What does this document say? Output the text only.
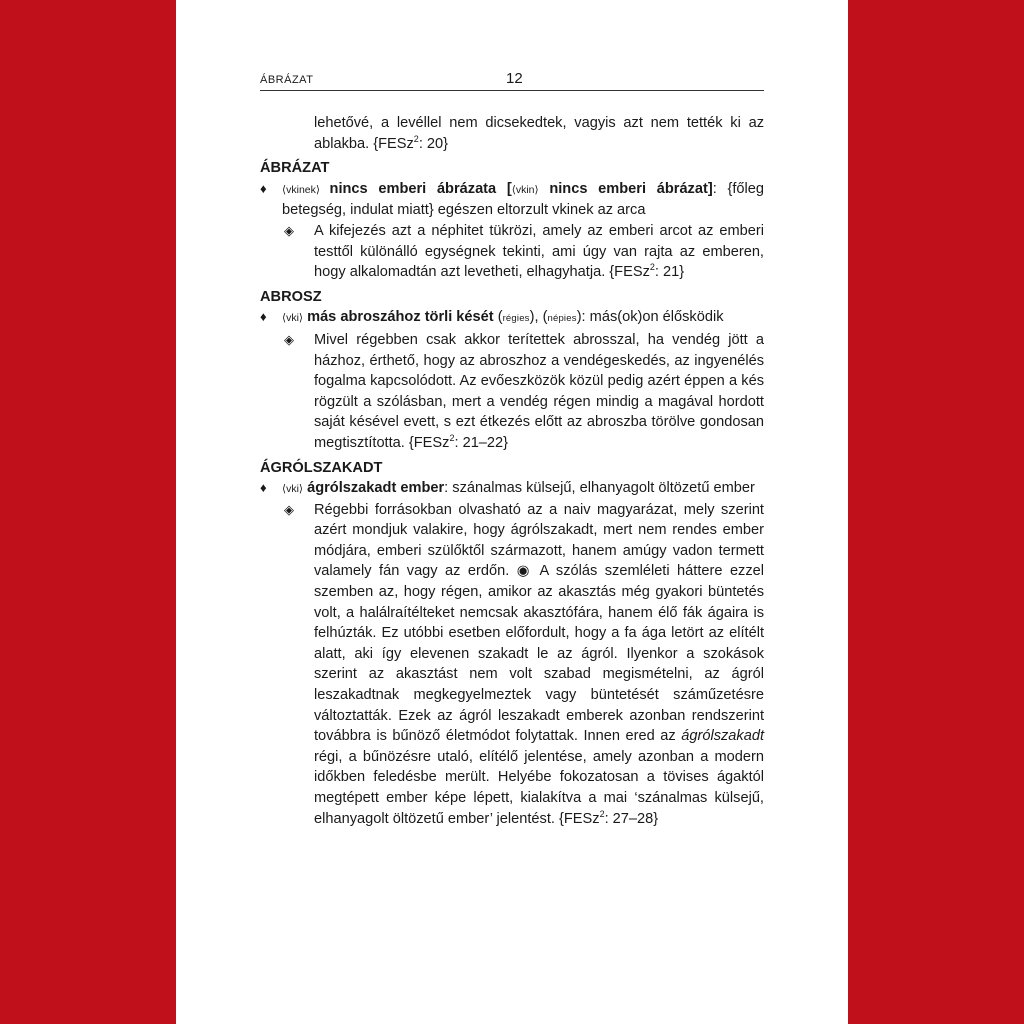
ÁBRÁZAT	12

lehetővé, a levéllel nem dicsekedtek, vagyis azt nem tették ki az ablakba. {FESz$^2$: 20}

ÁBRÁZAT

♦ ⟨vkinek⟩ nincs emberi ábrázata [⟨vkin⟩ nincs emberi ábrázat]: {főleg betegség, indulat miatt} egészen eltorzult vkinek az arca

◈ A kifejezés azt a néphitet tükrözi, amely az emberi arcot az emberi testtől különálló egységnek tekinti, ami úgy van rajta az emberen, hogy alkalomadtán azt levetheti, elhagyhatja. {FESz$^2$: 21}

ABROSZ

♦ ⟨vki⟩ más abroszához törli kését (régies), (népies): más(ok)on élősködik

◈ Mivel régebben csak akkor terítettek abrosszal, ha vendég jött a házhoz, érthető, hogy az abroszhoz a vendégeskedés, az ingyenélés fogalma kapcsolódott. Az evőeszközök közül pedig azért éppen a kés rögzült a szólásban, mert a vendég régen mindig a magával hordott saját késével evett, s ezt étkezés előtt az abroszba törölve gondosan megtisztította. {FESz$^2$: 21–22}

ÁGRÓLSZAKADT

♦ ⟨vki⟩ ágrólszakadt ember: szánalmas külsejű, elhanyagolt öltözetű ember

◈ Régebbi forrásokban olvasható az a naiv magyarázat, mely szerint azért mondjuk valakire, hogy ágrólszakadt, mert nem rendes ember módjára, emberi szülőktől származott, hanem amúgy vadon termett valamely fán vagy az erdőn. ◉ A szólás szemléleti háttere ezzel szemben az, hogy régen, amikor az akasztás még gyakori büntetés volt, a halálraítélteket nemcsak akasztófára, hanem élő fák ágaira is felhúzták. Ez utóbbi esetben előfordult, hogy a fa ága letört az elítélt alatt, aki így elevenen szakadt le az ágról. Ilyenkor a szokások szerint az akasztást nem volt szabad megismételni, az ágról leszakadtnak megkegyelmeztek vagy büntetését száműzetésre változtatták. Ezek az ágról leszakadt emberek azonban rendszerint továbbra is bűnöző életmódot folytattak. Innen ered az ágrólszakadt régi, a bűnözésre utaló, elítélő jelentése, amely azonban a modern időkben feledésbe merült. Helyébe fokozatosan a tövises ágaktól megtépett ember képe lépett, kialakítva a mai ‘szánalmas külsejű, elhanyagolt öltözetű ember’ jelentést. {FESz$^2$: 27–28}
